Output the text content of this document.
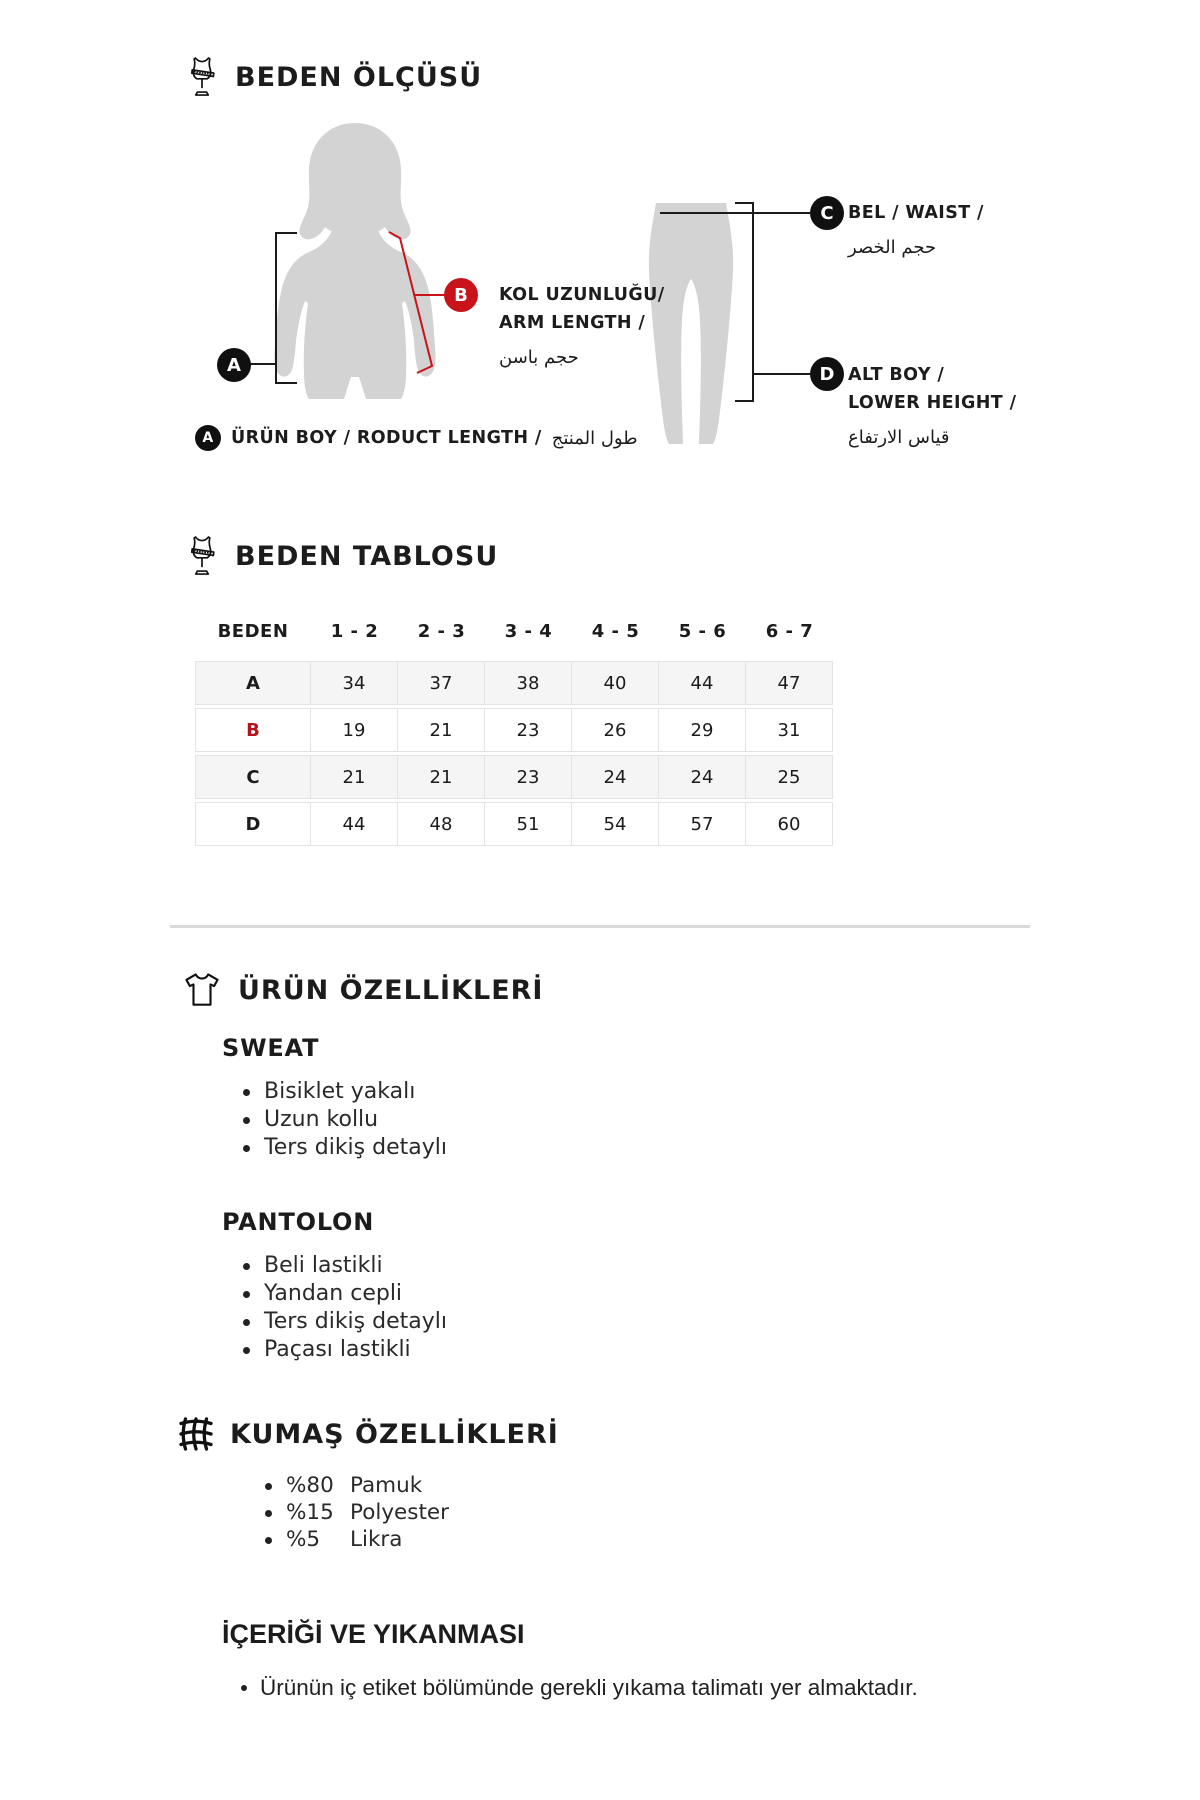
BEDEN ÖLÇÜSÜ
A
B
C
D
KOL UZUNLUĞU/
ARM LENGTH /
حجم باسن
BEL / WAIST /
حجم الخصر
ALT BOY /
LOWER HEIGHT /
قياس الارتفاع
A ÜRÜN BOY / RODUCT LENGTH / طول المنتج
BEDEN TABLOSU
BEDEN	1 - 2	2 - 3	3 - 4	4 - 5	5 - 6	6 - 7
A	34	37	38	40	44	47
B	19	21	23	26	29	31
C	21	21	23	24	24	25
D	44	48	51	54	57	60
ÜRÜN ÖZELLİKLERİ
SWEAT
Bisiklet yakalı
Uzun kollu
Ters dikiş detaylı
PANTOLON
Beli lastikli
Yandan cepli
Ters dikiş detaylı
Paçası lastikli
KUMAŞ ÖZELLİKLERİ
%80 Pamuk
%15 Polyester
%5 Likra
İÇERİĞİ VE YIKANMASI
Ürünün iç etiket bölümünde gerekli yıkama talimatı yer almaktadır.
